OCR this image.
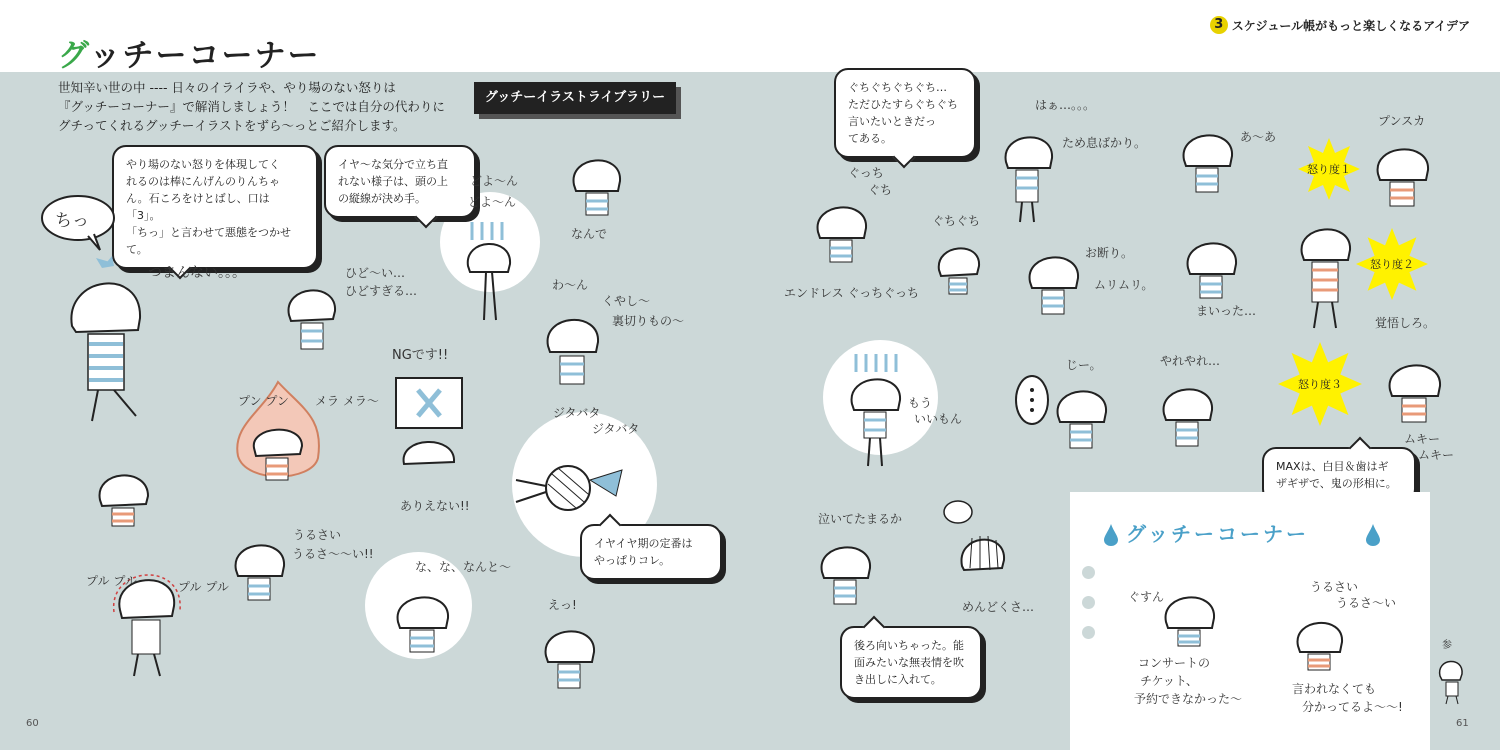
グッチーコーナー
3 スケジュール帳がもっと楽しくなるアイデア
世知辛い世の中 ---- 日々のイライラや、やり場のない怒りは
『グッチーコーナー』で解消しましょう！　ここでは自分の代わりに
グチってくれるグッチーイラストをずら〜っとご紹介します。
グッチーイラストライブラリー
やり場のない怒りを体現してく
れるのは棒にんげんのりんちゃ
ん。石ころをけとばし、口は「3」。
「ちっ」と言わせて悪態をつかせて。
イヤ〜な気分で立ち直
れない様子は、頭の上
の縦線が決め手。
イヤイヤ期の定番は
やっぱりコレ。
ぐちぐちぐちぐち…
ただひたすらぐちぐち
言いたいときだっ
てある。
MAXは、白目＆歯はギ
ザギザで、鬼の形相に。
後ろ向いちゃった。能
面みたいな無表情を吹
き出しに入れて。
ちっ
つまんない。。。	ひど〜い…
ひどすぎる…
どよ〜ん
どよ〜ん
なんで
わ〜ん
くやし〜
裏切りもの〜
NGです!!
ありえない!!
プン プン メラ メラ〜
ジタバタ
ジタバタ
うるさい
うるさ〜〜い!!
プル プル	プル プル
な、な、なんと〜
えっ!
ぐっち
ぐち
エンドレス ぐっちぐっち
ぐちぐち
はぁ…。。。
ため息ばかり。	あ〜あ
お断り。
ムリムリ。
まいった…
プンスカ
覚悟しろ。
怒り度１
怒り度２
怒り度３
ムキー
ムキー
もう
いいもん
じー。	やれやれ…
泣いてたまるか
めんどくさ…
グッチーコーナー
ぐすん
コンサートの
チケット、
予約できなかった〜
うるさい
うるさ〜い
言われなくても
分かってるよ〜〜!
参
60	61
